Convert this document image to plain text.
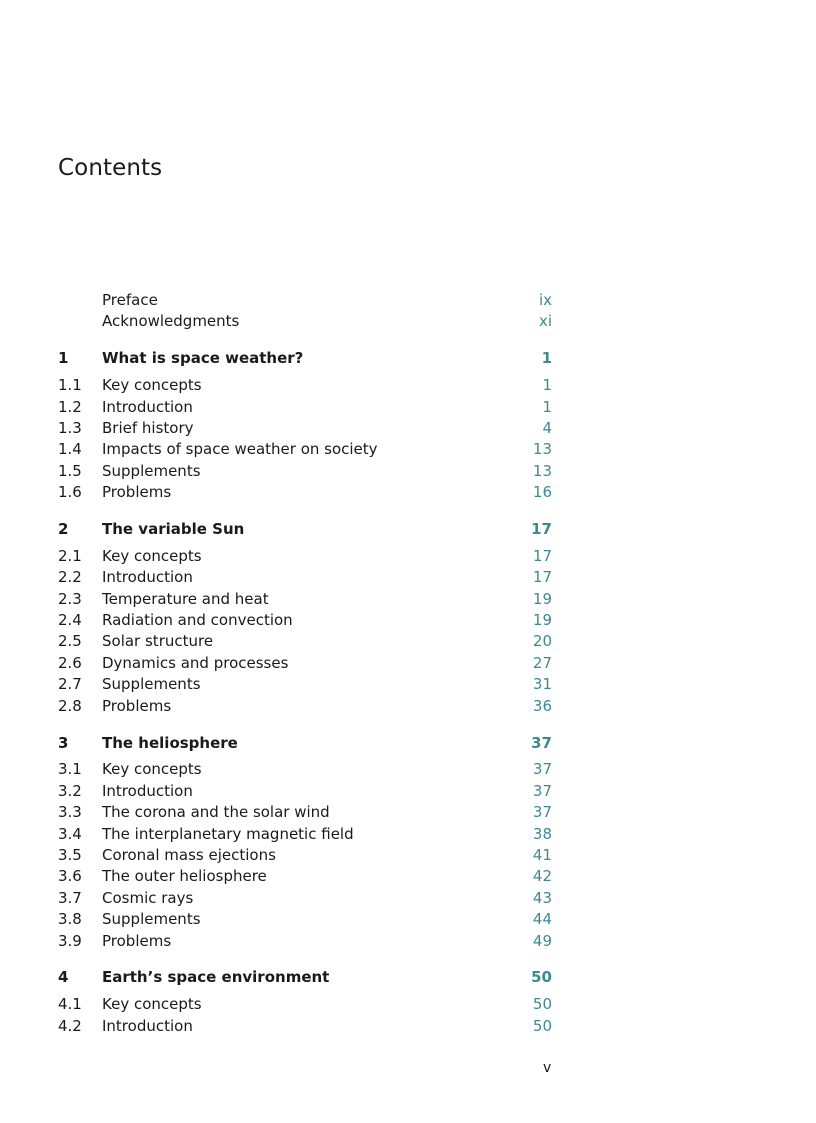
Contents
Preface	ix
Acknowledgments	xi
1 What is space weather?	1
1.1 Key concepts	1
1.2 Introduction	1
1.3 Brief history	4
1.4 Impacts of space weather on society	13
1.5 Supplements	13
1.6 Problems	16
2 The variable Sun	17
2.1 Key concepts	17
2.2 Introduction	17
2.3 Temperature and heat	19
2.4 Radiation and convection	19
2.5 Solar structure	20
2.6 Dynamics and processes	27
2.7 Supplements	31
2.8 Problems	36
3 The heliosphere	37
3.1 Key concepts	37
3.2 Introduction	37
3.3 The corona and the solar wind	37
3.4 The interplanetary magnetic field	38
3.5 Coronal mass ejections	41
3.6 The outer heliosphere	42
3.7 Cosmic rays	43
3.8 Supplements	44
3.9 Problems	49
4 Earth’s space environment	50
4.1 Key concepts	50
4.2 Introduction	50
v
